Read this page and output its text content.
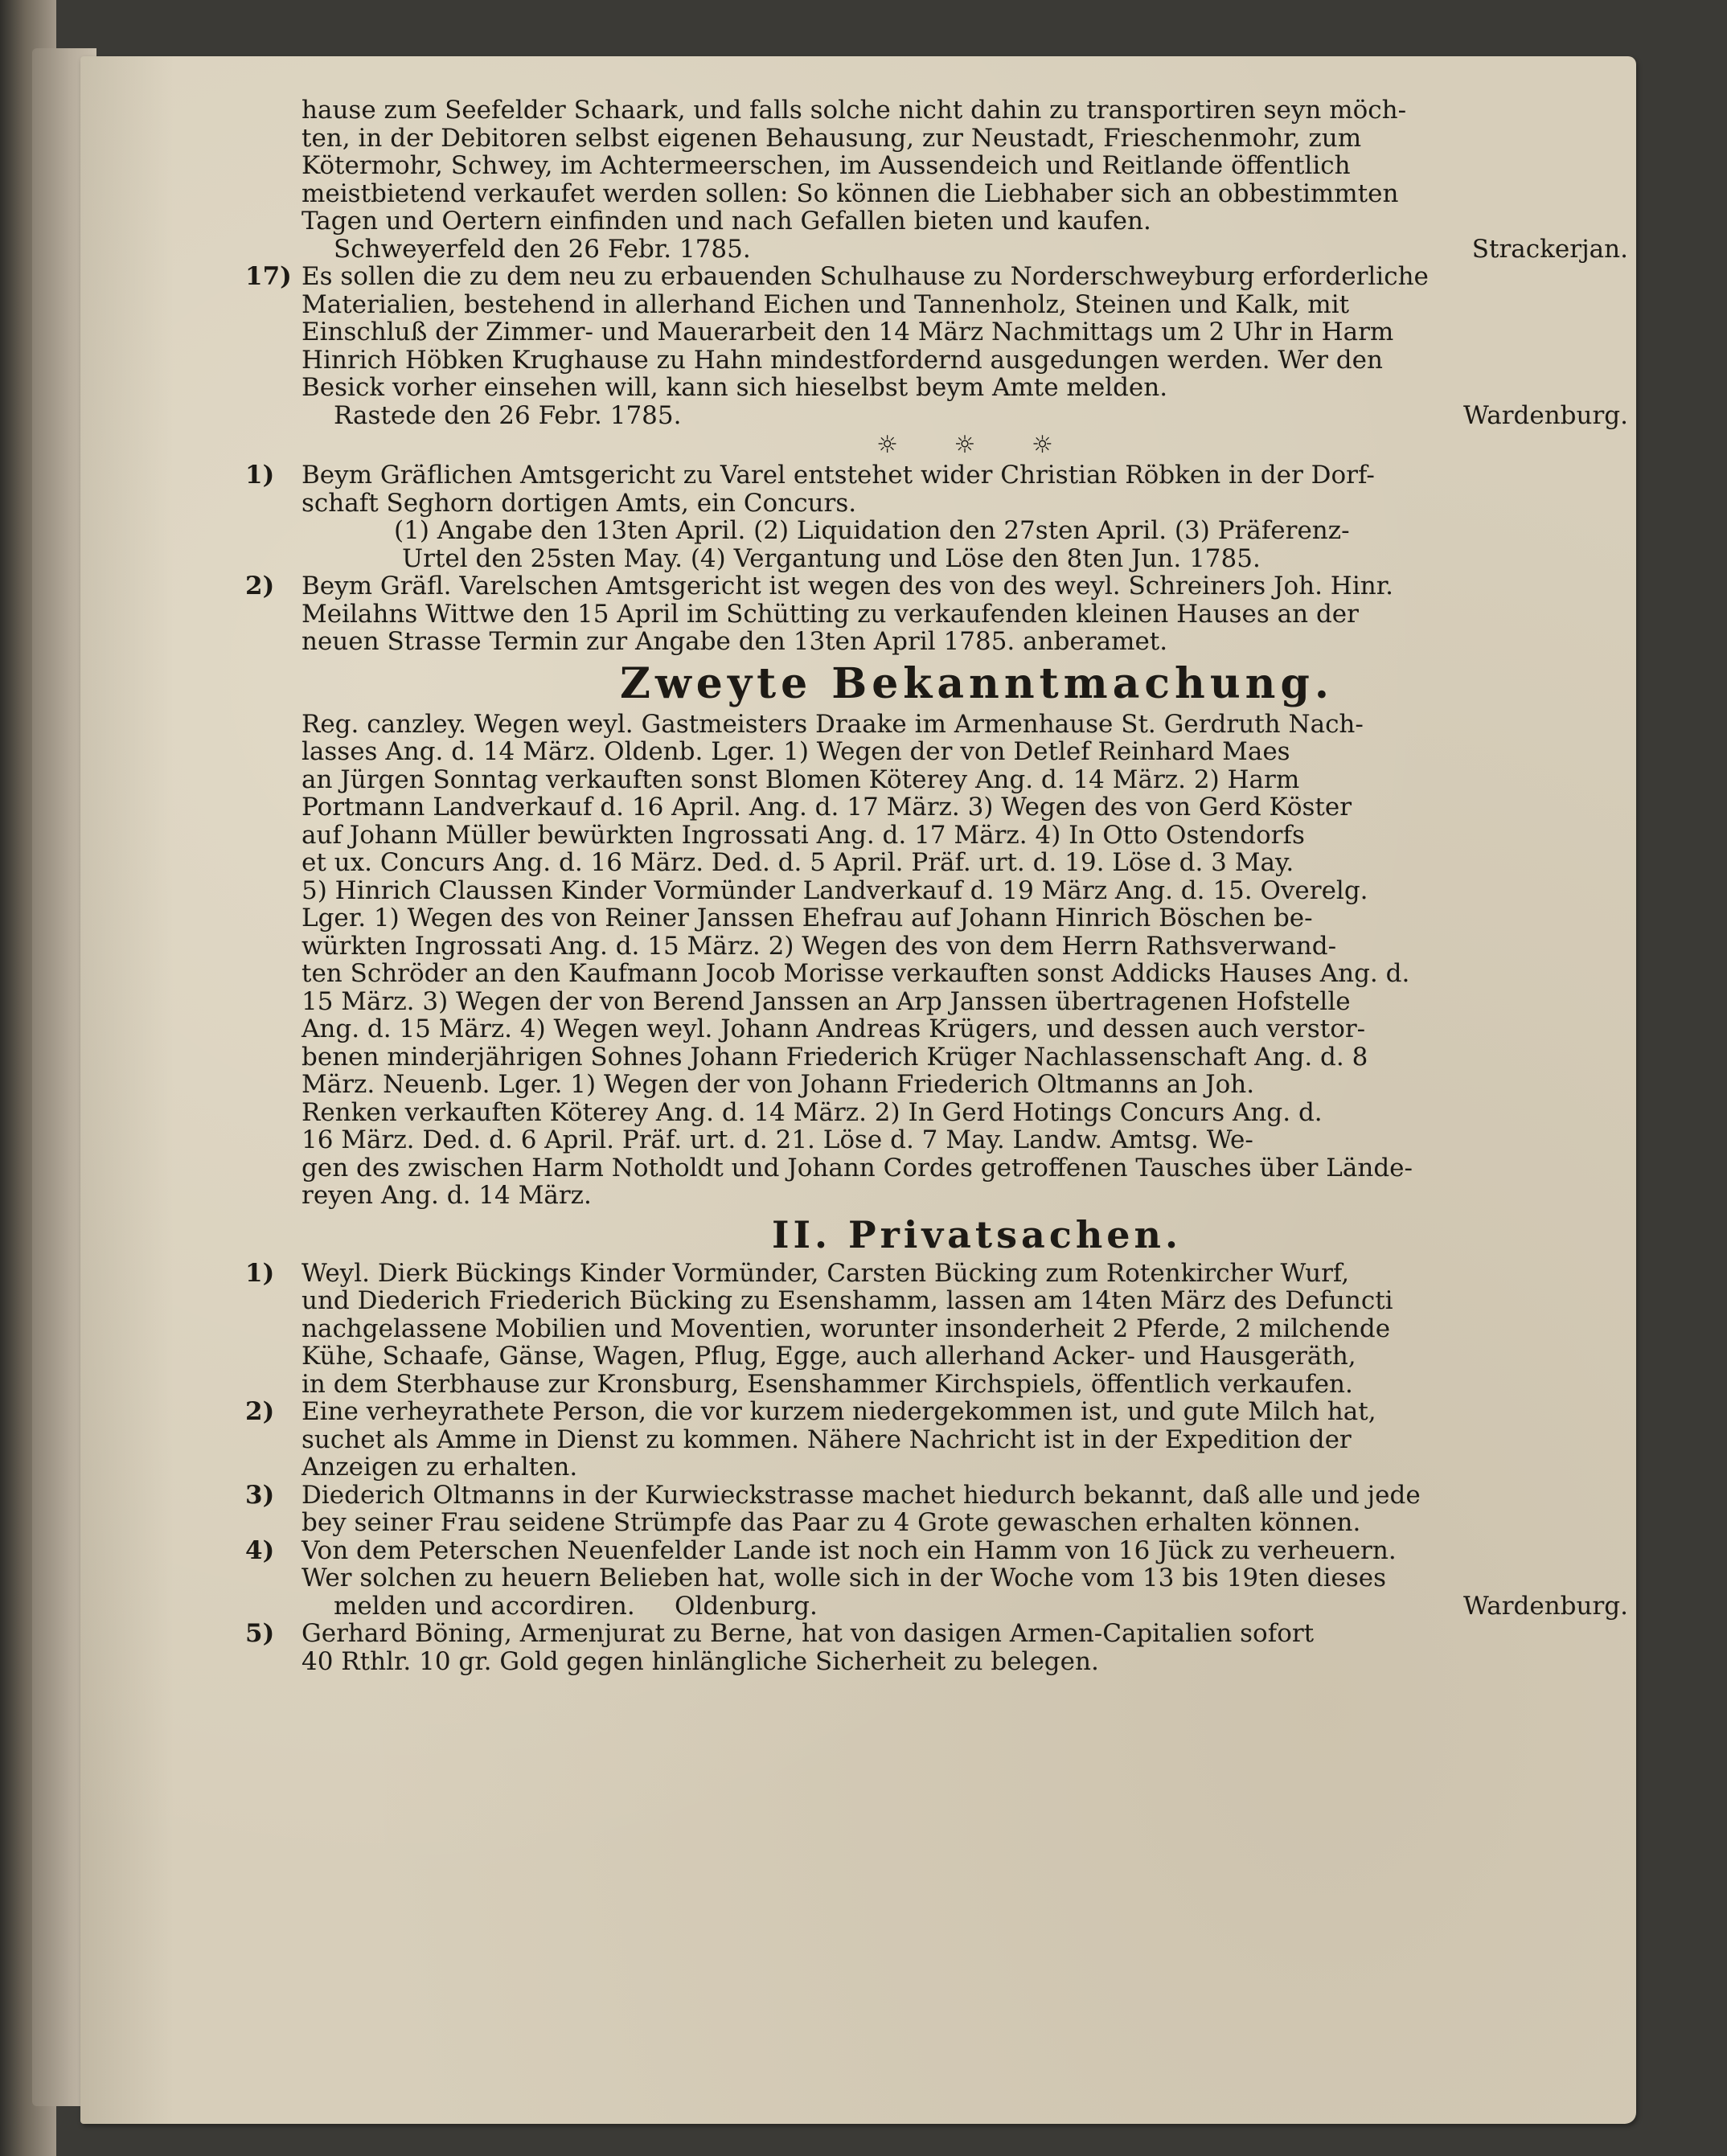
hause zum Seefelder Schaark, und falls solche nicht dahin zu transportiren seyn möch-

ten, in der Debitoren selbst eigenen Behausung, zur Neustadt, Frieschenmohr, zum

Kötermohr, Schwey, im Achtermeerschen, im Aussendeich und Reitlande öffentlich

meistbietend verkaufet werden sollen: So können die Liebhaber sich an obbestimmten

Tagen und Oertern einfinden und nach Gefallen bieten und kaufen.

Schweyerfeld den 26 Febr. 1785.	Strackerjan.
17) Es sollen die zu dem neu zu erbauenden Schulhause zu Norderschweyburg erforderliche

Materialien, bestehend in allerhand Eichen und Tannenholz, Steinen und Kalk, mit

Einschluß der Zimmer- und Mauerarbeit den 14 März Nachmittags um 2 Uhr in Harm

Hinrich Höbken Krughause zu Hahn mindestfordernd ausgedungen werden. Wer den

Besick vorher einsehen will, kann sich hieselbst beym Amte melden.

Rastede den 26 Febr. 1785.	Wardenburg.
☼ ☼ ☼
1)	Beym Gräflichen Amtsgericht zu Varel entstehet wider Christian Röbken in der Dorf-

schaft Seghorn dortigen Amts, ein Concurs.

(1) Angabe den 13ten April. (2) Liquidation den 27sten April. (3) Präferenz-

Urtel den 25sten May. (4) Vergantung und Löse den 8ten Jun. 1785.

2)	Beym Gräfl. Varelschen Amtsgericht ist wegen des von des weyl. Schreiners Joh. Hinr.

Meilahns Wittwe den 15 April im Schütting zu verkaufenden kleinen Hauses an der

neuen Strasse Termin zur Angabe den 13ten April 1785. anberamet.

Zweyte Bekanntmachung.

Reg. canzley. Wegen weyl. Gastmeisters Draake im Armenhause St. Gerdruth Nach-

lasses Ang. d. 14 März. Oldenb. Lger. 1) Wegen der von Detlef Reinhard Maes

an Jürgen Sonntag verkauften sonst Blomen Köterey Ang. d. 14 März. 2) Harm

Portmann Landverkauf d. 16 April. Ang. d. 17 März. 3) Wegen des von Gerd Köster

auf Johann Müller bewürkten Ingrossati Ang. d. 17 März. 4) In Otto Ostendorfs

et ux. Concurs Ang. d. 16 März. Ded. d. 5 April. Präf. urt. d. 19. Löse d. 3 May.

5) Hinrich Claussen Kinder Vormünder Landverkauf d. 19 März Ang. d. 15. Overelg.

Lger. 1) Wegen des von Reiner Janssen Ehefrau auf Johann Hinrich Böschen be-

würkten Ingrossati Ang. d. 15 März. 2) Wegen des von dem Herrn Rathsverwand-

ten Schröder an den Kaufmann Jocob Morisse verkauften sonst Addicks Hauses Ang. d.

15 März. 3) Wegen der von Berend Janssen an Arp Janssen übertragenen Hofstelle

Ang. d. 15 März. 4) Wegen weyl. Johann Andreas Krügers, und dessen auch verstor-

benen minderjährigen Sohnes Johann Friederich Krüger Nachlassenschaft Ang. d. 8

März. Neuenb. Lger. 1) Wegen der von Johann Friederich Oltmanns an Joh.

Renken verkauften Köterey Ang. d. 14 März. 2) In Gerd Hotings Concurs Ang. d.

16 März. Ded. d. 6 April. Präf. urt. d. 21. Löse d. 7 May. Landw. Amtsg. We-

gen des zwischen Harm Notholdt und Johann Cordes getroffenen Tausches über Lände-

reyen Ang. d. 14 März.

II. Privatsachen.
1)	Weyl. Dierk Bückings Kinder Vormünder, Carsten Bücking zum Rotenkircher Wurf,

und Diederich Friederich Bücking zu Esenshamm, lassen am 14ten März des Defuncti

nachgelassene Mobilien und Moventien, worunter insonderheit 2 Pferde, 2 milchende

Kühe, Schaafe, Gänse, Wagen, Pflug, Egge, auch allerhand Acker- und Hausgeräth,

in dem Sterbhause zur Kronsburg, Esenshammer Kirchspiels, öffentlich verkaufen.

2)	Eine verheyrathete Person, die vor kurzem niedergekommen ist, und gute Milch hat,

suchet als Amme in Dienst zu kommen. Nähere Nachricht ist in der Expedition der

Anzeigen zu erhalten.

3)	Diederich Oltmanns in der Kurwieckstrasse machet hiedurch bekannt, daß alle und jede

bey seiner Frau seidene Strümpfe das Paar zu 4 Grote gewaschen erhalten können.

4)	Von dem Peterschen Neuenfelder Lande ist noch ein Hamm von 16 Jück zu verheuern.

Wer solchen zu heuern Belieben hat, wolle sich in der Woche vom 13 bis 19ten dieses

melden und accordiren. Oldenburg.	Wardenburg.
5)	Gerhard Böning, Armenjurat zu Berne, hat von dasigen Armen-Capitalien sofort

40 Rthlr. 10 gr. Gold gegen hinlängliche Sicherheit zu belegen.
